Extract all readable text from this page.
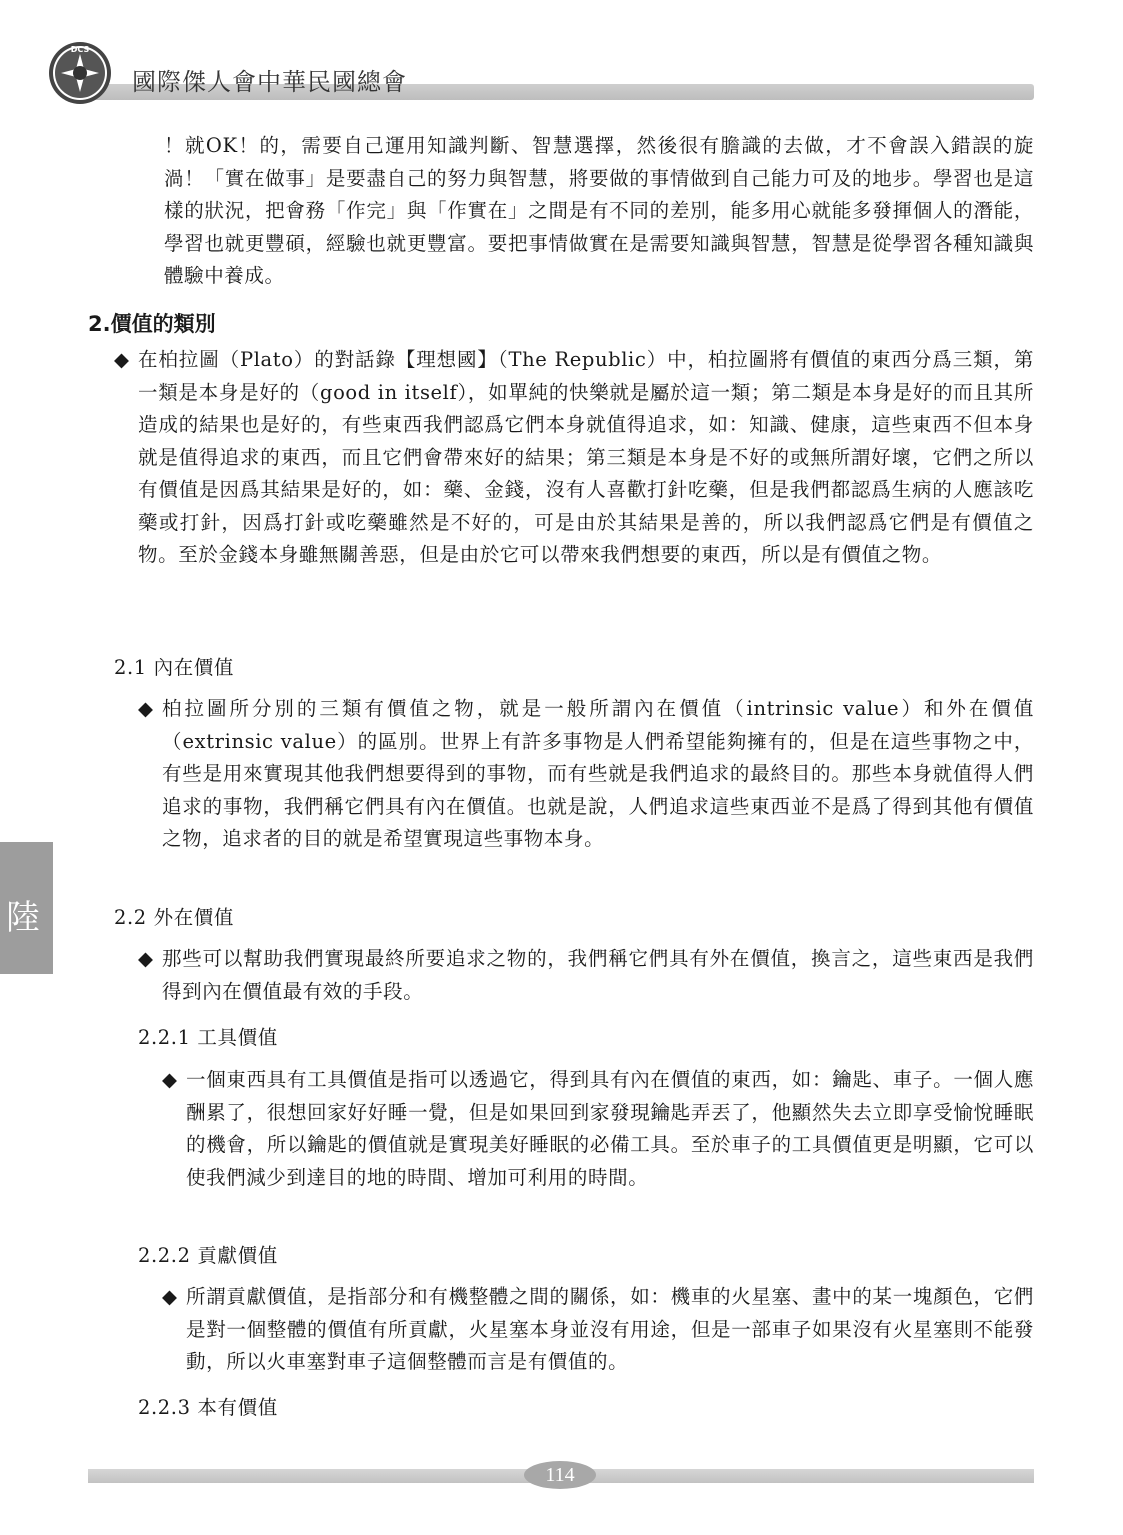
DCS
國際傑人會中華民國總會

！就OK！的，需要自己運用知識判斷、智慧選擇，然後很有膽識的去做，才不會誤入錯誤的旋渦！「實在做事」是要盡自己的努力與智慧，將要做的事情做到自己能力可及的地步。學習也是這樣的狀況，把會務「作完」與「作實在」之間是有不同的差別，能多用心就能多發揮個人的潛能，學習也就更豐碩，經驗也就更豐富。要把事情做實在是需要知識與智慧，智慧是從學習各種知識與體驗中養成。

2.價值的類別
◆ 在柏拉圖（Plato）的對話錄【理想國】（The Republic）中，柏拉圖將有價值的東西分爲三類，第一類是本身是好的（good in itself），如單純的快樂就是屬於這一類；第二類是本身是好的而且其所造成的結果也是好的，有些東西我們認爲它們本身就值得追求，如：知識、健康，這些東西不但本身就是值得追求的東西，而且它們會帶來好的結果；第三類是本身是不好的或無所謂好壞，它們之所以有價值是因爲其結果是好的，如：藥、金錢，沒有人喜歡打針吃藥，但是我們都認爲生病的人應該吃藥或打針，因爲打針或吃藥雖然是不好的，可是由於其結果是善的，所以我們認爲它們是有價值之物。至於金錢本身雖無關善惡，但是由於它可以帶來我們想要的東西，所以是有價值之物。

2.1 內在價值

◆ 柏拉圖所分別的三類有價值之物，就是一般所謂內在價值（intrinsic value）和外在價值（extrinsic value）的區別。世界上有許多事物是人們希望能夠擁有的，但是在這些事物之中，有些是用來實現其他我們想要得到的事物，而有些就是我們追求的最終目的。那些本身就值得人們追求的事物，我們稱它們具有內在價值。也就是說，人們追求這些東西並不是爲了得到其他有價值之物，追求者的目的就是希望實現這些事物本身。

2.2 外在價值

◆ 那些可以幫助我們實現最終所要追求之物的，我們稱它們具有外在價值，換言之，這些東西是我們得到內在價值最有效的手段。

2.2.1 工具價值

◆ 一個東西具有工具價值是指可以透過它，得到具有內在價值的東西，如：鑰匙、車子。一個人應酬累了，很想回家好好睡一覺，但是如果回到家發現鑰匙弄丟了，他顯然失去立即享受愉悅睡眠的機會，所以鑰匙的價值就是實現美好睡眠的必備工具。至於車子的工具價值更是明顯，它可以使我們減少到達目的地的時間、增加可利用的時間。

2.2.2 貢獻價值

◆ 所謂貢獻價值，是指部分和有機整體之間的關係，如：機車的火星塞、畫中的某一塊顏色，它們是對一個整體的價值有所貢獻，火星塞本身並沒有用途，但是一部車子如果沒有火星塞則不能發動，所以火車塞對車子這個整體而言是有價值的。

2.2.3 本有價值

陸
114
